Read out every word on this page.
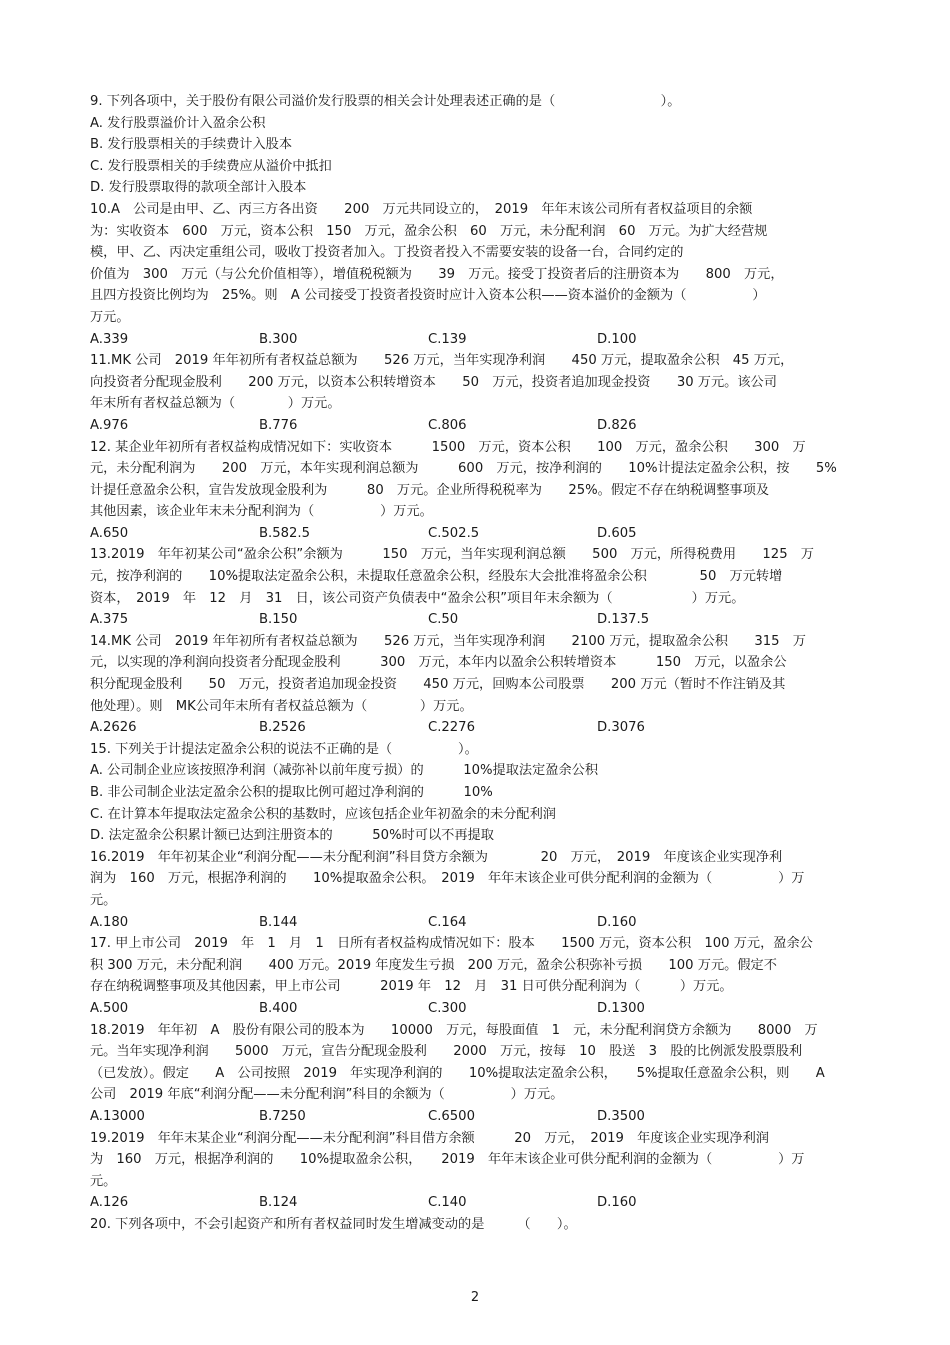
9. 下列各项中，关于股份有限公司溢价发行股票的相关会计处理表述正确的是（　　　　　　　　）。
A. 发行股票溢价计入盈余公积
B. 发行股票相关的手续费计入股本
C. 发行股票相关的手续费应从溢价中抵扣
D. 发行股票取得的款项全部计入股本
10.A　公司是由甲、乙、丙三方各出资　　200　万元共同设立的，　2019　年年末该公司所有者权益项目的余额
为：实收资本　600　万元，资本公积　150　万元，盈余公积　60　万元，未分配利润　60　万元。为扩大经营规
模，甲、乙、丙决定重组公司，吸收丁投资者加入。丁投资者投入不需要安装的设备一台，合同约定的
价值为　300　万元（与公允价值相等），增值税税额为　　39　万元。接受丁投资者后的注册资本为　　800　万元，
且四方投资比例均为　25%。则　A 公司接受丁投资者投资时应计入资本公积——资本溢价的金额为（　　　　　）
万元。
A.339	B.300	C.139	D.100
11.MK 公司　2019 年年初所有者权益总额为　　526 万元，当年实现净利润　　450 万元，提取盈余公积　45 万元，
向投资者分配现金股利　　200 万元，以资本公积转增资本　　50　万元，投资者追加现金投资　　30 万元。该公司
年末所有者权益总额为（　　　　）万元。
A.976	B.776	C.806	D.826
12. 某企业年初所有者权益构成情况如下：实收资本　　　1500　万元，资本公积　　100　万元，盈余公积　　300　万
元，未分配利润为　　200　万元，本年实现利润总额为　　　600　万元，按净利润的　　10%计提法定盈余公积，按　　5%
计提任意盈余公积，宣告发放现金股利为　　　80　万元。企业所得税税率为　　25%。假定不存在纳税调整事项及
其他因素，该企业年末未分配利润为（　　　　　）万元。
A.650	B.582.5	C.502.5	D.605
13.2019　年年初某公司“盈余公积”余额为　　　150　万元，当年实现利润总额　　500　万元，所得税费用　　125　万
元，按净利润的　　10%提取法定盈余公积，未提取任意盈余公积，经股东大会批准将盈余公积　　　　50　万元转增
资本，　2019　年　12　月　31　日，该公司资产负债表中“盈余公积”项目年末余额为（　　　　　　）万元。
A.375	B.150	C.50	D.137.5
14.MK 公司　2019 年年初所有者权益总额为　　526 万元，当年实现净利润　　2100 万元，提取盈余公积　　315　万
元，以实现的净利润向投资者分配现金股利　　　300　万元，本年内以盈余公积转增资本　　　150　万元，以盈余公
积分配现金股利　　50　万元，投资者追加现金投资　　450 万元，回购本公司股票　　200 万元（暂时不作注销及其
他处理）。则　MK公司年末所有者权益总额为（　　　　）万元。
A.2626	B.2526	C.2276	D.3076
15. 下列关于计提法定盈余公积的说法不正确的是（　　　　　）。
A. 公司制企业应该按照净利润（减弥补以前年度亏损）的　　　10%提取法定盈余公积
B. 非公司制企业法定盈余公积的提取比例可超过净利润的　　　10%
C. 在计算本年提取法定盈余公积的基数时，应该包括企业年初盈余的未分配利润
D. 法定盈余公积累计额已达到注册资本的　　　50%时可以不再提取
16.2019　年年初某企业“利润分配——未分配利润”科目贷方余额为　　　　20　万元，　2019　年度该企业实现净利
润为　160　万元，根据净利润的　　10%提取盈余公积。　2019　年年末该企业可供分配利润的金额为（　　　　　）万
元。
A.180	B.144	C.164	D.160
17. 甲上市公司　2019　年　1　月　1　日所有者权益构成情况如下：股本　　1500 万元，资本公积　100 万元，盈余公
积 300 万元，未分配利润　　400 万元。2019 年度发生亏损　200 万元，盈余公积弥补亏损　　100 万元。假定不
存在纳税调整事项及其他因素，甲上市公司　　　2019 年　12　月　31 日可供分配利润为（　　　）万元。
A.500	B.400	C.300	D.1300
18.2019　年年初　A　股份有限公司的股本为　　10000　万元，每股面值　1　元，未分配利润贷方余额为　　8000　万
元。当年实现净利润　　5000　万元，宣告分配现金股利　　2000　万元，按每　10　股送　3　股的比例派发股票股利
（已发放）。假定　　A　公司按照　2019　年实现净利润的　　10%提取法定盈余公积，　　5%提取任意盈余公积，则　　A
公司　2019 年底“利润分配——未分配利润”科目的余额为（　　　　　）万元。
A.13000	B.7250	C.6500	D.3500
19.2019　年年末某企业“利润分配——未分配利润”科目借方余额　　　20　万元，　2019　年度该企业实现净利润
为　160　万元，根据净利润的　　10%提取盈余公积，　　2019　年年末该企业可供分配利润的金额为（　　　　　）万
元。
A.126	B.124	C.140	D.160
20. 下列各项中，不会引起资产和所有者权益同时发生增减变动的是　　　（　　）。
2
